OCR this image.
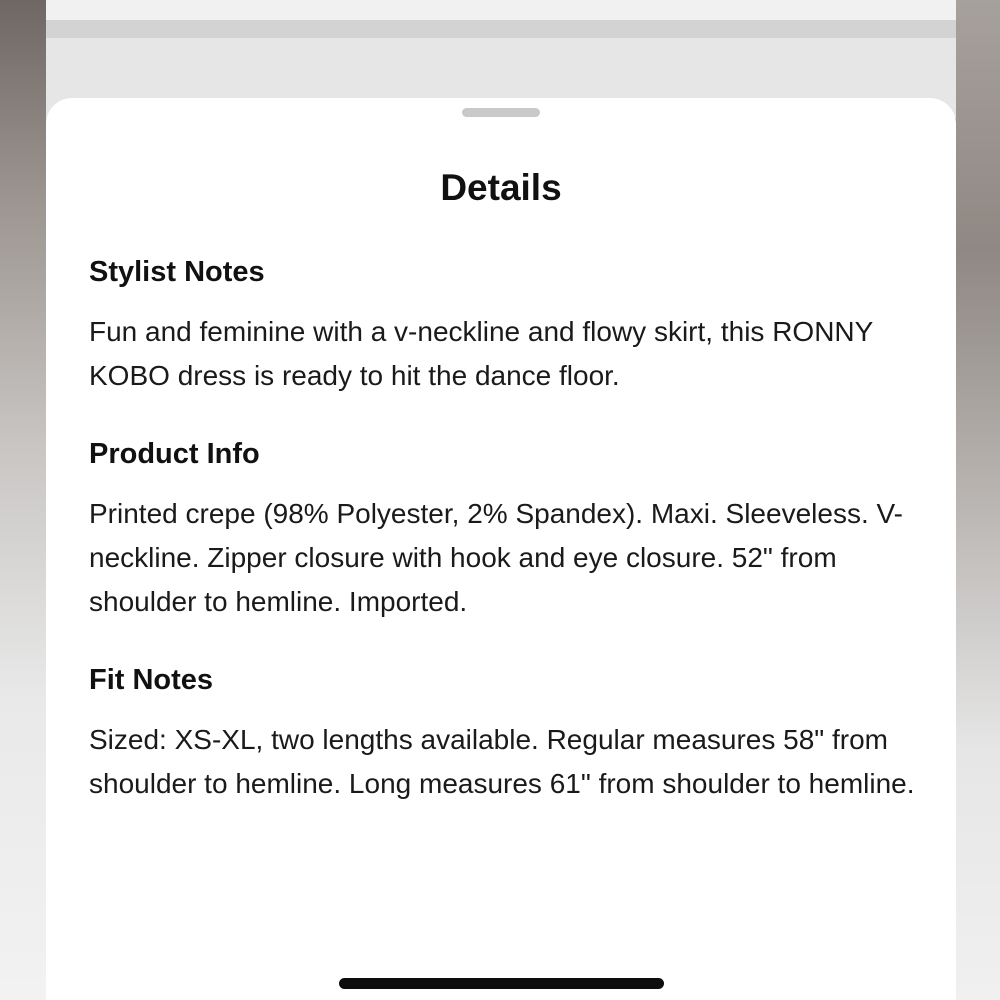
Details
Stylist Notes

Fun and feminine with a v-neckline and flowy skirt, this RONNY KOBO dress is ready to hit the dance floor.

Product Info

Printed crepe (98% Polyester, 2% Spandex). Maxi. Sleeveless. V-neckline. Zipper closure with hook and eye closure. 52" from shoulder to hemline. Imported.

Fit Notes

Sized: XS-XL, two lengths available. Regular measures 58" from shoulder to hemline. Long measures 61" from shoulder to hemline.
